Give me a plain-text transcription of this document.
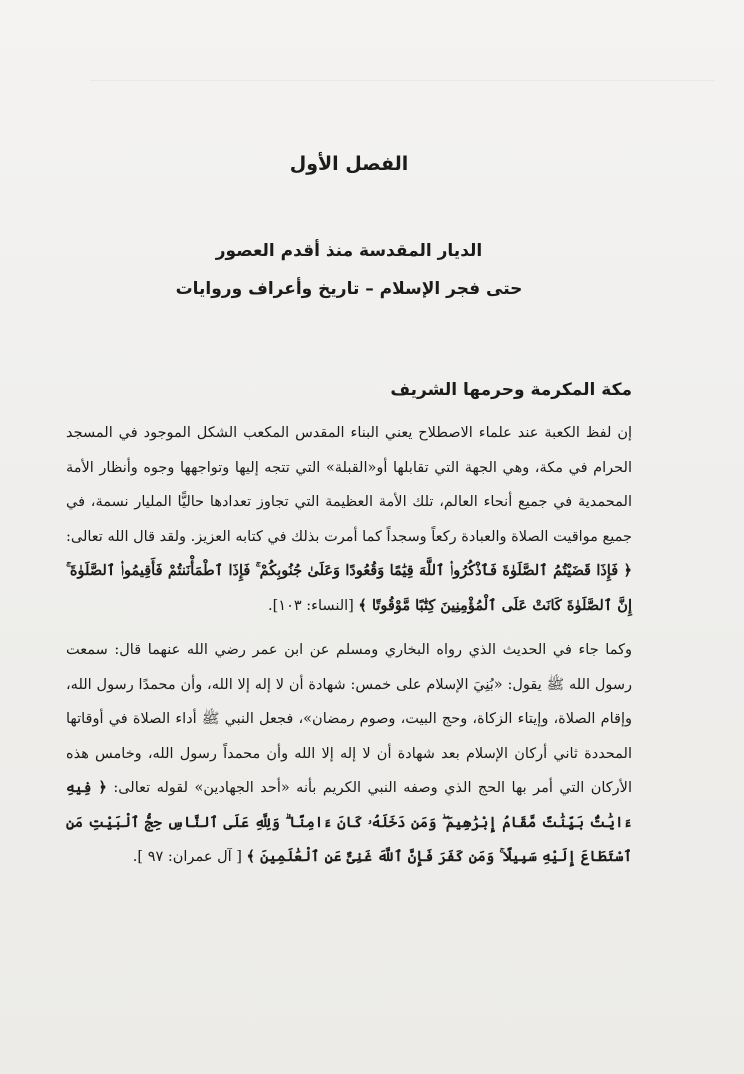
الفصل الأول

الديار المقدسة منذ أقدم العصور

حتى فجر الإسلام – تاريخ وأعراف وروايات

مكة المكرمة وحرمها الشريف

إن لفظ الكعبة عند علماء الاصطلاح يعني البناء المقدس المكعب الشكل الموجود في المسجد الحرام في مكة، وهي الجهة التي تقابلها أو«القبلة» التي تتجه إليها وتواجهها وجوه وأنظار الأمة المحمدية في جميع أنحاء العالم، تلك الأمة العظيمة التي تجاوز تعدادها حاليًّا المليار نسمة، في جميع مواقيت الصلاة والعبادة ركعاً وسجداً كما أمرت بذلك في كتابه العزيز. ولقد قال الله تعالى:﴿ فَإِذَا قَضَيْتُمُ ٱلصَّلَوٰةَ فَٱذْكُرُوا۟ ٱللَّهَ قِيَٰمًا وَقُعُودًا وَعَلَىٰ جُنُوبِكُمْ ۚ فَإِذَا ٱطْمَأْنَنتُمْ فَأَقِيمُوا۟ ٱلصَّلَوٰةَ ۚ إِنَّ ٱلصَّلَوٰةَ كَانَتْ عَلَى ٱلْمُؤْمِنِينَ كِتَٰبًا مَّوْقُوتًا ﴾ [النساء: ١٠٣].

وكما جاء في الحديث الذي رواه البخاري ومسلم عن ابن عمر رضي الله عنهما قال: سمعت رسول الله ﷺ يقول: «بُنِيَ الإسلام على خمس: شهادة أن لا إله إلا الله، وأن محمدًا رسول الله، وإقام الصلاة، وإيتاء الزكاة، وحج البيت، وصوم رمضان»، فجعل النبي ﷺ أداء الصلاة في أوقاتها المحددة ثاني أركان الإسلام بعد شهادة أن لا إله إلا الله وأن محمداً رسول الله، وخامس هذه الأركان التي أمر بها الحج الذي وصفه النبي الكريم بأنه «أحد الجهادين» لقوله تعالى: ﴿ فِيهِ ءَايَٰتٌۢ بَيِّنَٰتٌ مَّقَامُ إِبْرَٰهِيمَ ۖ وَمَن دَخَلَهُۥ كَانَ ءَامِنًا ۗ وَلِلَّهِ عَلَى ٱلنَّاسِ حِجُّ ٱلْبَيْتِ مَنِ ٱسْتَطَاعَ إِلَيْهِ سَبِيلًا ۚ وَمَن كَفَرَ فَإِنَّ ٱللَّهَ غَنِىٌّ عَنِ ٱلْعَٰلَمِينَ ﴾ [ آل عمران: ٩٧ ].
